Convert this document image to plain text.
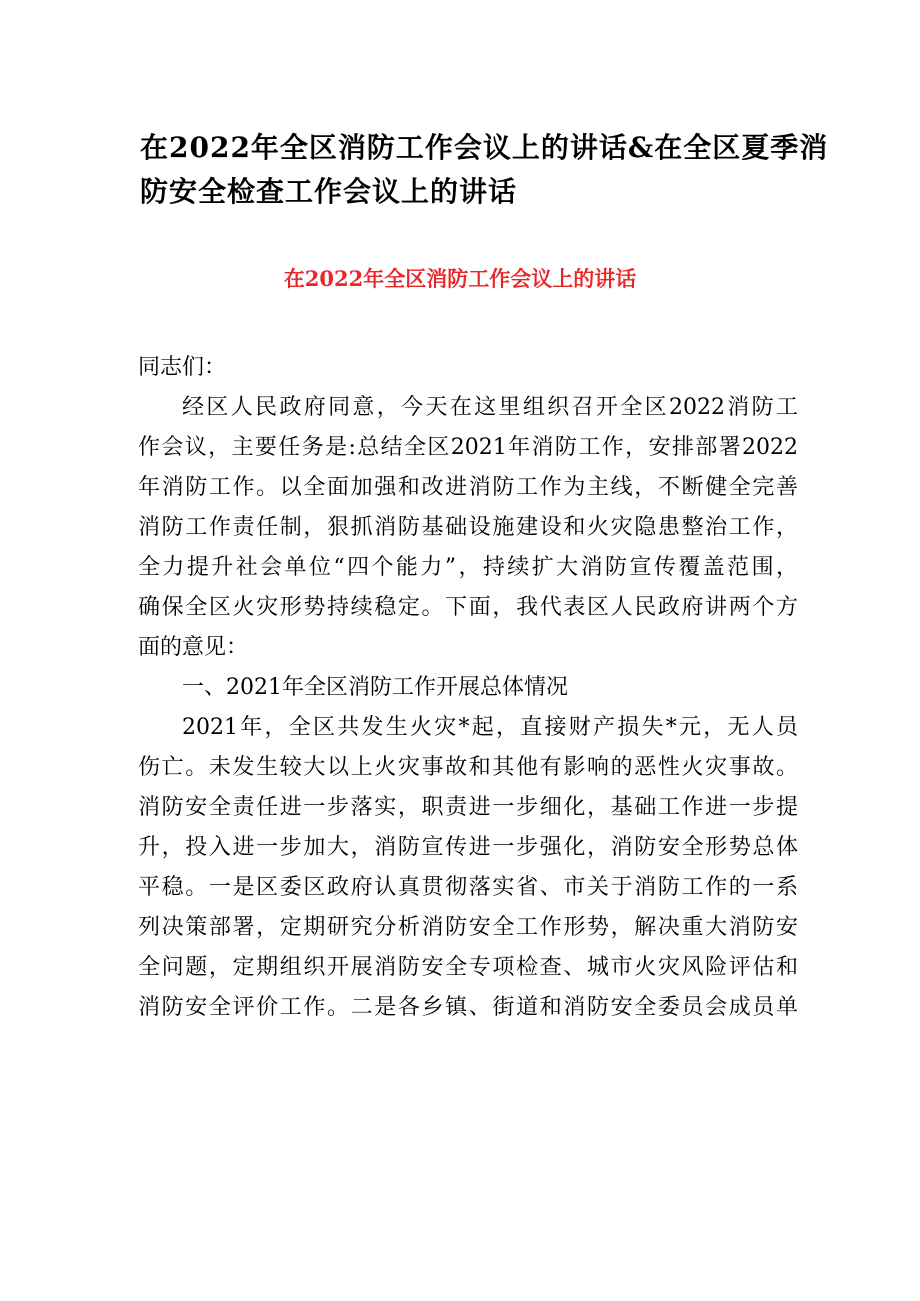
在2022年全区消防工作会议上的讲话&在全区夏季消
防安全检查工作会议上的讲话
在2022年全区消防工作会议上的讲话
同志们：
经区人民政府同意，今天在这里组织召开全区2022消防工
作会议，主要任务是:总结全区2021年消防工作，安排部署2022
年消防工作。以全面加强和改进消防工作为主线，不断健全完善
消防工作责任制，狠抓消防基础设施建设和火灾隐患整治工作，
全力提升社会单位“四个能力”，持续扩大消防宣传覆盖范围，
确保全区火灾形势持续稳定。下面，我代表区人民政府讲两个方
面的意见：
一、2021年全区消防工作开展总体情况
2021年，全区共发生火灾*起，直接财产损失*元，无人员
伤亡。未发生较大以上火灾事故和其他有影响的恶性火灾事故。
消防安全责任进一步落实，职责进一步细化，基础工作进一步提
升，投入进一步加大，消防宣传进一步强化，消防安全形势总体
平稳。一是区委区政府认真贯彻落实省、市关于消防工作的一系
列决策部署，定期研究分析消防安全工作形势，解决重大消防安
全问题，定期组织开展消防安全专项检查、城市火灾风险评估和
消防安全评价工作。二是各乡镇、街道和消防安全委员会成员单
